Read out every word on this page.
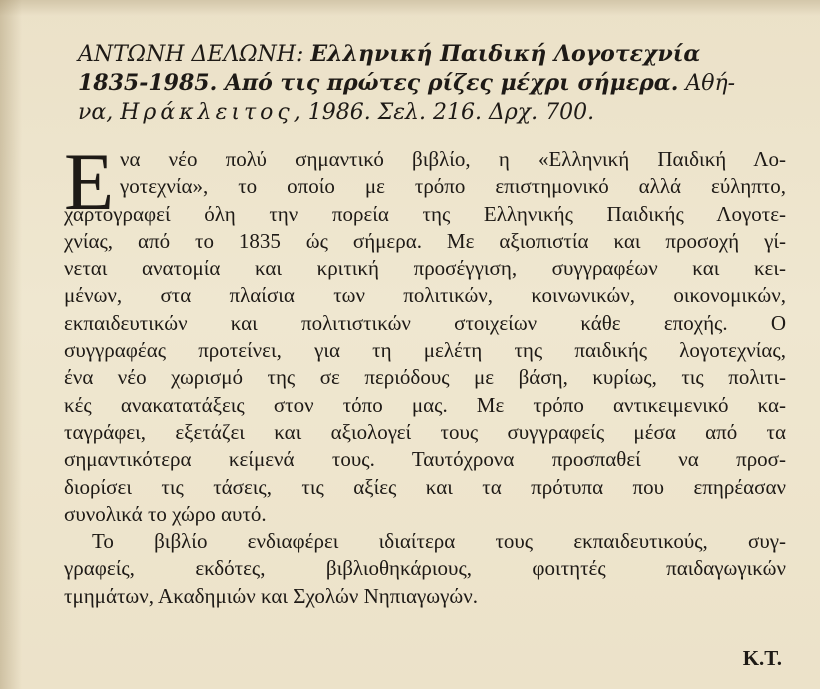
ΑΝΤΩΝΗ ΔΕΛΩΝΗ: Ελληνική Παιδική Λογοτεχνία
1835-1985. Από τις πρώτες ρίζες μέχρι σήμερα. Αθή-
να, Ηράκλειτος, 1986. Σελ. 216. Δρχ. 700.
Ε να νέο πολύ σημαντικό βιβλίο, η «Ελληνική Παιδική Λο-
γοτεχνία», το οποίο με τρόπο επιστημονικό αλλά εύληπτο,
χαρτογραφεί όλη την πορεία της Ελληνικής Παιδικής Λογοτε-
χνίας, από το 1835 ώς σήμερα. Με αξιοπιστία και προσοχή γί-
νεται ανατομία και κριτική προσέγγιση, συγγραφέων και κει-
μένων, στα πλαίσια των πολιτικών, κοινωνικών, οικονομικών,
εκπαιδευτικών και πολιτιστικών στοιχείων κάθε εποχής. Ο
συγγραφέας προτείνει, για τη μελέτη της παιδικής λογοτεχνίας,
ένα νέο χωρισμό της σε περιόδους με βάση, κυρίως, τις πολιτι-
κές ανακατατάξεις στον τόπο μας. Με τρόπο αντικειμενικό κα-
ταγράφει, εξετάζει και αξιολογεί τους συγγραφείς μέσα από τα
σημαντικότερα κείμενά τους. Ταυτόχρονα προσπαθεί να προσ-
διορίσει τις τάσεις, τις αξίες και τα πρότυπα που επηρέασαν
συνολικά το χώρο αυτό.
Το βιβλίο ενδιαφέρει ιδιαίτερα τους εκπαιδευτικούς, συγ-
γραφείς, εκδότες, βιβλιοθηκάριους, φοιτητές παιδαγωγικών
τμημάτων, Ακαδημιών και Σχολών Νηπιαγωγών.
Κ.Τ.
